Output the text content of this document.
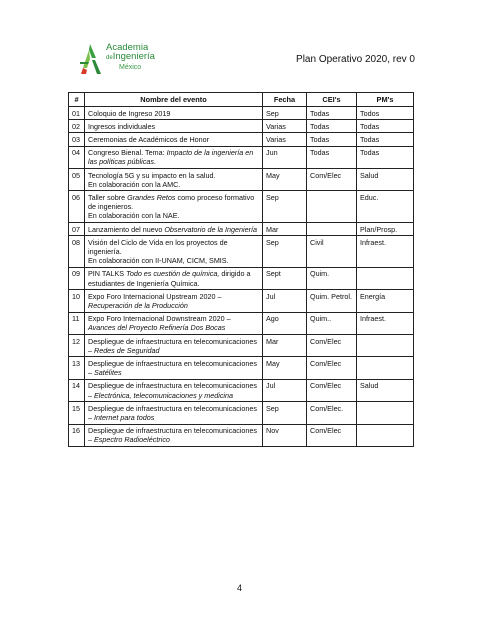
Academia
deIngeniería
México
Plan Operativo 2020, rev 0
#	Nombre del evento	Fecha	CEI's	PM's
01	Coloquio de Ingreso 2019	Sep	Todas	Todos
02	Ingresos individuales	Varias	Todas	Todas
03	Ceremonias de Académicos de Honor	Varias	Todas	Todas
04	Congreso Bienal. Tema: Impacto de la ingeniería en las políticas públicas.	Jun	Todas	Todas
05	Tecnología 5G y su impacto en la salud.
En colaboración con la AMC.	May	Com/Elec	Salud
06	Taller sobre Grandes Retos como proceso formativo de ingenieros.
En colaboración con la NAE.	Sep		Educ.
07	Lanzamiento del nuevo Observatorio de la Ingeniería	Mar		Plan/Prosp.
08	Visión del Ciclo de Vida en los proyectos de ingeniería.
En colaboración con II-UNAM, CICM, SMIS.	Sep	Civil	Infraest.
09	PIN TALKS Todo es cuestión de química, dirigido a estudiantes de Ingeniería Química.	Sept	Quim.	
10	Expo Foro Internacional Upstream 2020 – Recuperación de la Producción	Jul	Quim. Petrol.	Energía
11	Expo Foro Internacional Downstream 2020 – Avances del Proyecto Refinería Dos Bocas	Ago	Quim..	Infraest.
12	Despliegue de infraestructura en telecomunicaciones – Redes de Seguridad	Mar	Com/Elec	
13	Despliegue de infraestructura en telecomunicaciones – Satélites	May	Com/Elec	
14	Despliegue de infraestructura en telecomunicaciones – Electrónica, telecomunicaciones y medicina	Jul	Com/Elec	Salud
15	Despliegue de infraestructura en telecomunicaciones – Internet para todos	Sep	Com/Elec.	
16	Despliegue de infraestructura en telecomunicaciones – Espectro Radioeléctrico	Nov	Com/Elec	
4
